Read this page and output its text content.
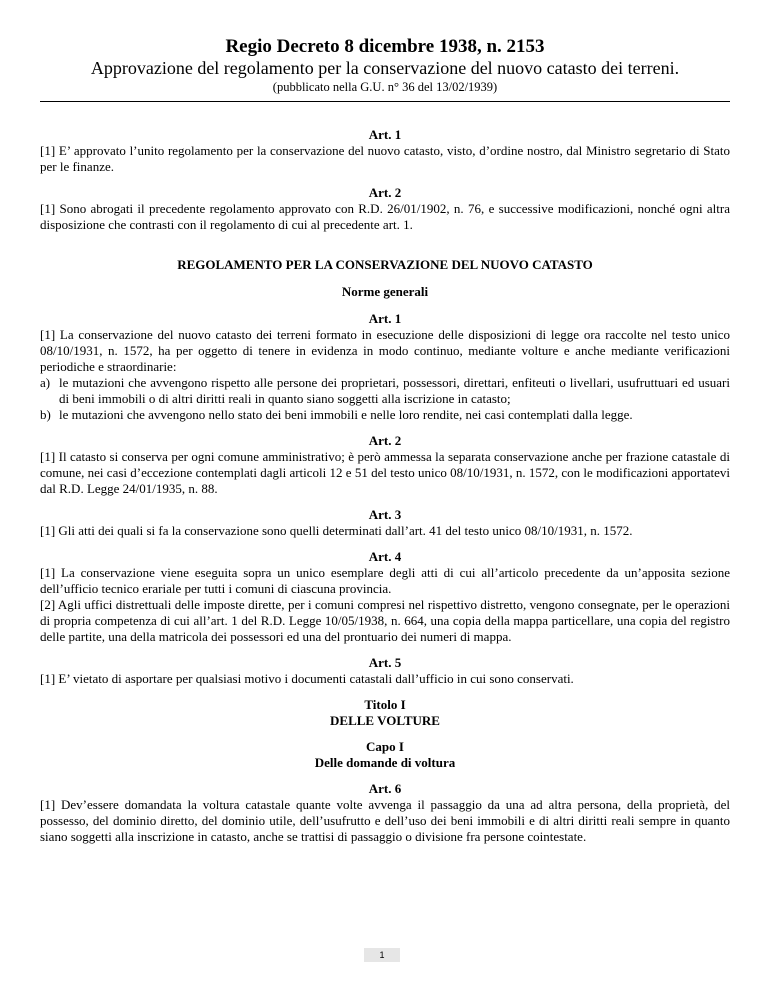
Regio Decreto 8 dicembre 1938, n. 2153
Approvazione del regolamento per la conservazione del nuovo catasto dei terreni.
(pubblicato nella G.U. n° 36 del 13/02/1939)
Art. 1

[1] E’ approvato l’unito regolamento per la conservazione del nuovo catasto, visto, d’ordine nostro, dal Ministro segretario di Stato per le finanze.

Art. 2

[1] Sono abrogati il precedente regolamento approvato con R.D. 26/01/1902, n. 76, e successive modificazioni, nonché ogni altra disposizione che contrasti con il regolamento di cui al precedente art. 1.

REGOLAMENTO PER LA CONSERVAZIONE DEL NUOVO CATASTO
Norme generali
Art. 1

[1] La conservazione del nuovo catasto dei terreni formato in esecuzione delle disposizioni di legge ora raccolte nel testo unico 08/10/1931, n. 1572, ha per oggetto di tenere in evidenza in modo continuo, mediante volture e anche mediante verificazioni periodiche e straordinarie:

a) le mutazioni che avvengono rispetto alle persone dei proprietari, possessori, direttari, enfiteuti o livellari, usufruttuari ed usuari di beni immobili o di altri diritti reali in quanto siano soggetti alla iscrizione in catasto;
b) le mutazioni che avvengono nello stato dei beni immobili e nelle loro rendite, nei casi contemplati dalla legge.
Art. 2

[1] Il catasto si conserva per ogni comune amministrativo; è però ammessa la separata conservazione anche per frazione catastale di comune, nei casi d’eccezione contemplati dagli articoli 12 e 51 del testo unico 08/10/1931, n. 1572, con le modificazioni apportatevi dal R.D. Legge 24/01/1935, n. 88.

Art. 3

[1] Gli atti dei quali si fa la conservazione sono quelli determinati dall’art. 41 del testo unico 08/10/1931, n. 1572.

Art. 4

[1] La conservazione viene eseguita sopra un unico esemplare degli atti di cui all’articolo precedente da un’apposita sezione dell’ufficio tecnico erariale per tutti i comuni di ciascuna provincia.

[2] Agli uffici distrettuali delle imposte dirette, per i comuni compresi nel rispettivo distretto, vengono consegnate, per le operazioni di propria competenza di cui all’art. 1 del R.D. Legge 10/05/1938, n. 664, una copia della mappa particellare, una copia del registro delle partite, una della matricola dei possessori ed una del prontuario dei numeri di mappa.

Art. 5

[1] E’ vietato di asportare per qualsiasi motivo i documenti catastali dall’ufficio in cui sono conservati.

Titolo I
DELLE VOLTURE
Capo I
Delle domande di voltura
Art. 6

[1] Dev’essere domandata la voltura catastale quante volte avvenga il passaggio da una ad altra persona, della proprietà, del possesso, del dominio diretto, del dominio utile, dell’usufrutto e dell’uso dei beni immobili e di altri diritti reali sempre in quanto siano soggetti alla inscrizione in catasto, anche se trattisi di passaggio o divisione fra persone cointestate.

1
